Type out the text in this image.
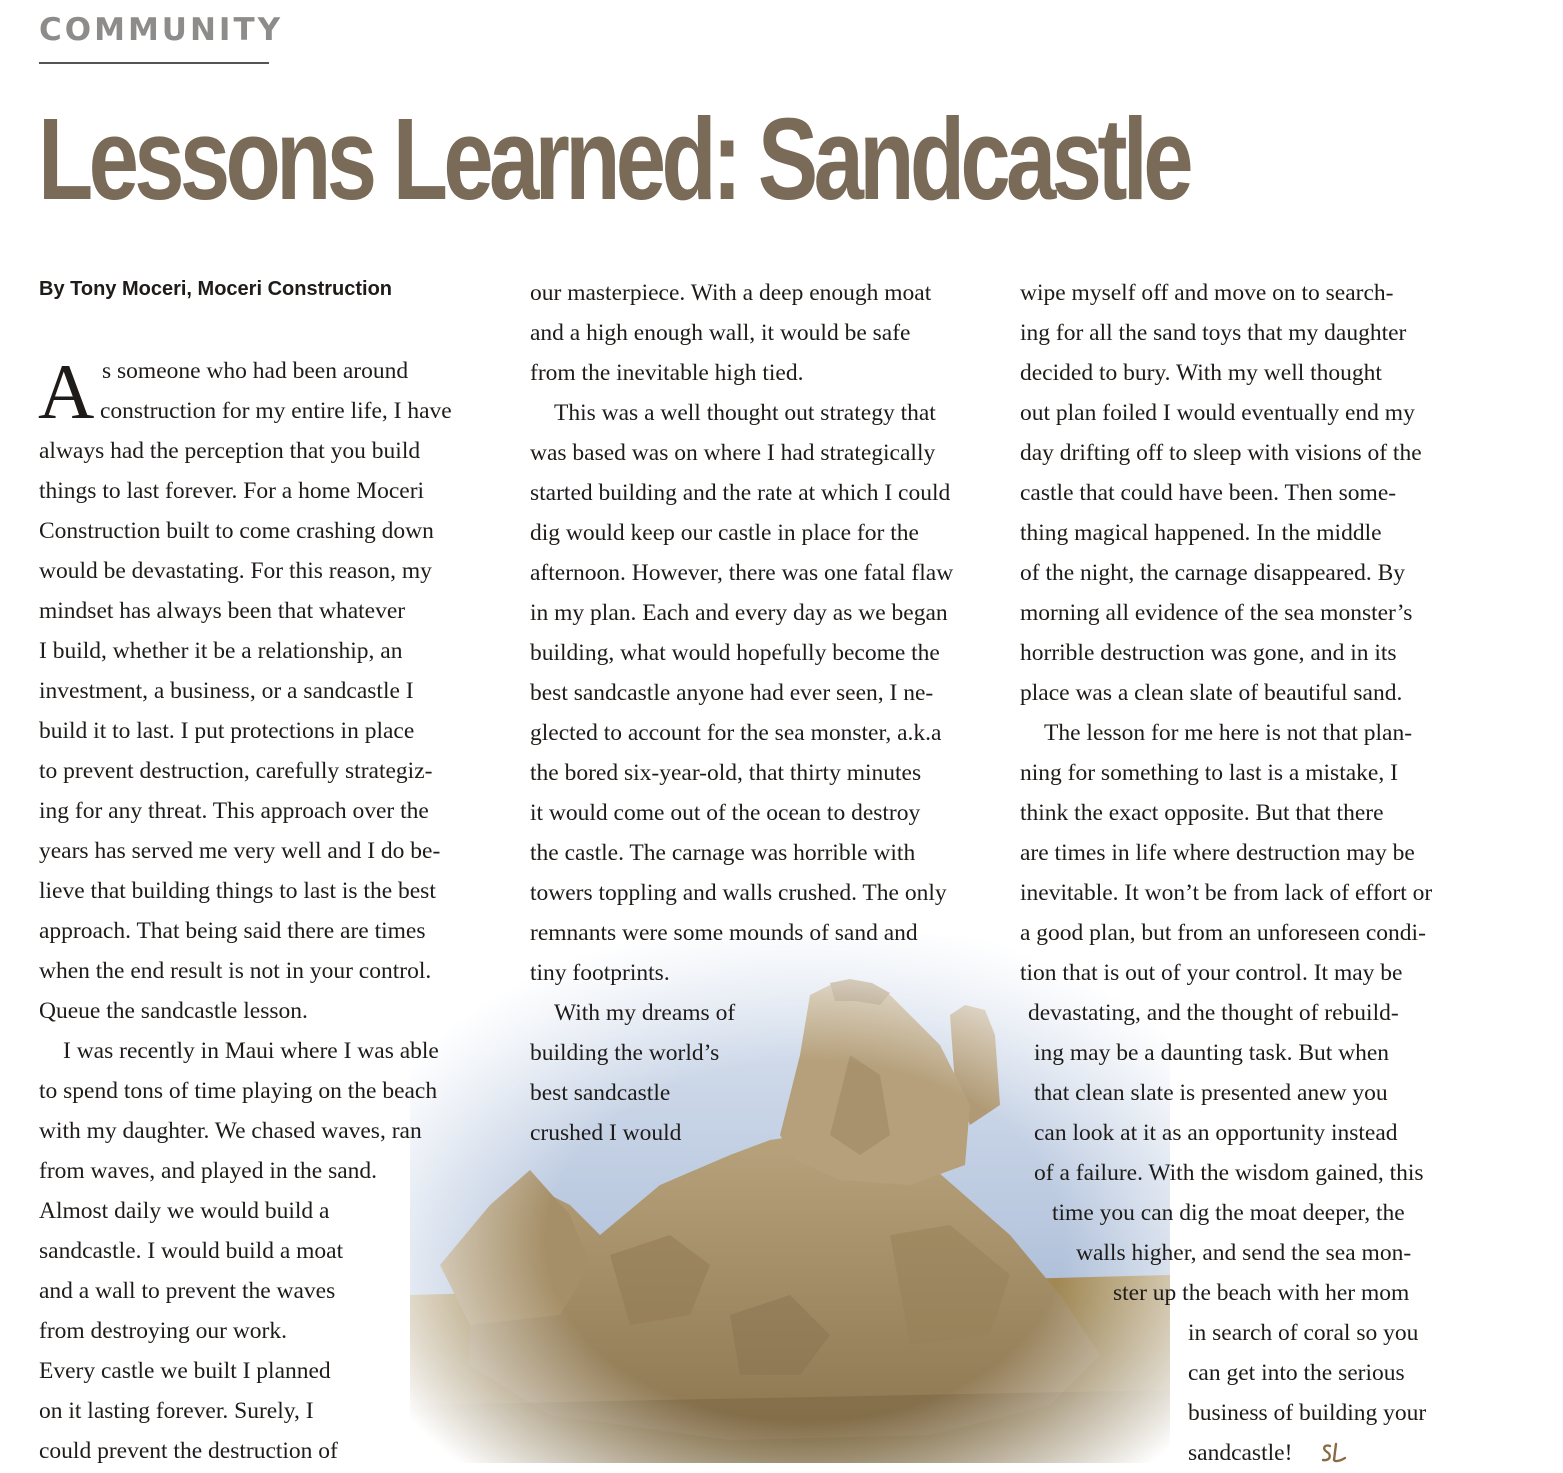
COMMUNITY
Lessons Learned: Sandcastle
By Tony Moceri, Moceri Construction
A s someone who had been around
construction for my entire life, I have
always had the perception that you build
things to last forever. For a home Moceri
Construction built to come crashing down
would be devastating. For this reason, my
mindset has always been that whatever
I build, whether it be a relationship, an
investment, a business, or a sandcastle I
build it to last. I put protections in place
to prevent destruction, carefully strategiz-
ing for any threat. This approach over the
years has served me very well and I do be-
lieve that building things to last is the best
approach. That being said there are times
when the end result is not in your control.
Queue the sandcastle lesson.
I was recently in Maui where I was able
to spend tons of time playing on the beach
with my daughter. We chased waves, ran
from waves, and played in the sand.
Almost daily we would build a
sandcastle. I would build a moat
and a wall to prevent the waves
from destroying our work.
Every castle we built I planned
on it lasting forever. Surely, I
could prevent the destruction of
our masterpiece. With a deep enough moat
and a high enough wall, it would be safe
from the inevitable high tied.
This was a well thought out strategy that
was based was on where I had strategically
started building and the rate at which I could
dig would keep our castle in place for the
afternoon. However, there was one fatal flaw
in my plan. Each and every day as we began
building, what would hopefully become the
best sandcastle anyone had ever seen, I ne-
glected to account for the sea monster, a.k.a
the bored six-year-old, that thirty minutes
it would come out of the ocean to destroy
the castle. The carnage was horrible with
towers toppling and walls crushed. The only
remnants were some mounds of sand and
tiny footprints.
With my dreams of
building the world’s
best sandcastle
crushed I would
wipe myself off and move on to search-
ing for all the sand toys that my daughter
decided to bury. With my well thought
out plan foiled I would eventually end my
day drifting off to sleep with visions of the
castle that could have been. Then some-
thing magical happened. In the middle
of the night, the carnage disappeared. By
morning all evidence of the sea monster’s
horrible destruction was gone, and in its
place was a clean slate of beautiful sand.
The lesson for me here is not that plan-
ning for something to last is a mistake, I
think the exact opposite. But that there
are times in life where destruction may be
inevitable. It won’t be from lack of effort or
a good plan, but from an unforeseen condi-
tion that is out of your control. It may be
devastating, and the thought of rebuild-
ing may be a daunting task. But when
that clean slate is presented anew you
can look at it as an opportunity instead
of a failure. With the wisdom gained, this
time you can dig the moat deeper, the
walls higher, and send the sea mon-
ster up the beach with her mom
in search of coral so you
can get into the serious
business of building your
sandcastle!
